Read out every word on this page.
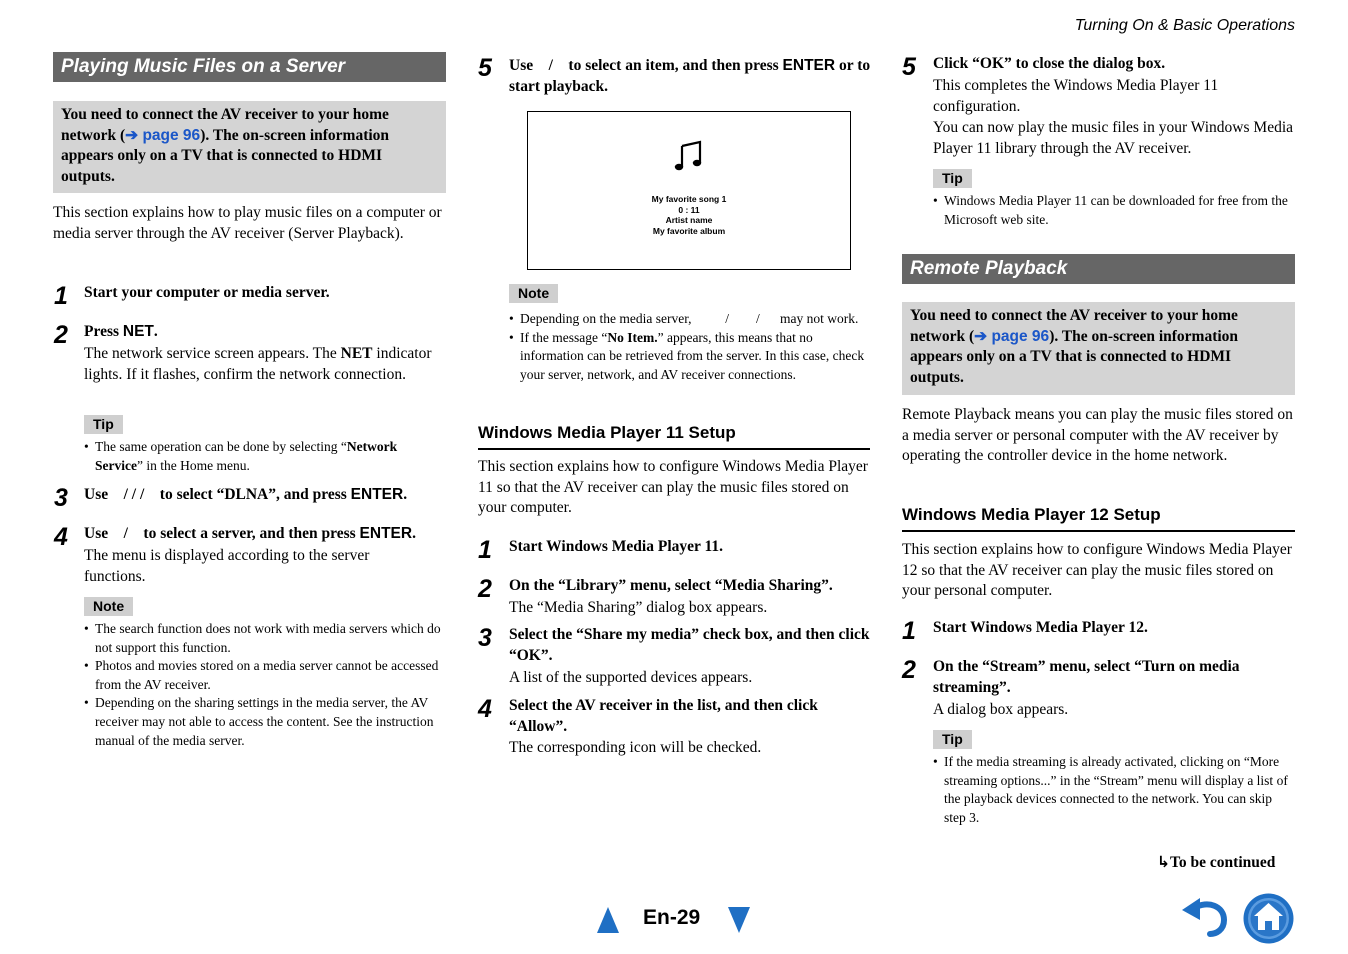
Turning On & Basic Operations
Playing Music Files on a Server
You need to connect the AV receiver to your home network (➔ page 96). The on-screen information appears only on a TV that is connected to HDMI outputs.
This section explains how to play music files on a computer or media server through the AV receiver (Server Playback).
1 Start your computer or media server.
2 Press NET.
The network service screen appears. The NET indicator lights. If it flashes, confirm the network connection.
Tip
• The same operation can be done by selecting “Network Service” in the Home menu.
3 Use / / / to select “DLNA”, and press ENTER.
4 Use / to select a server, and then press ENTER.
The menu is displayed according to the server functions.
Note
• The search function does not work with media servers which do not support this function.
• Photos and movies stored on a media server cannot be accessed from the AV receiver.
• Depending on the sharing settings in the media server, the AV receiver may not able to access the content. See the instruction manual of the media server.
5 Use / to select an item, and then press ENTER or to start playback.
My favorite song 1
0 : 11
Artist name
My favorite album
Note
• Depending on the media server,          /        /      may not work.
• If the message “No Item.” appears, this means that no information can be retrieved from the server. In this case, check your server, network, and AV receiver connections.
Windows Media Player 11 Setup
This section explains how to configure Windows Media Player 11 so that the AV receiver can play the music files stored on your computer.
1 Start Windows Media Player 11.
2 On the “Library” menu, select “Media Sharing”.
The “Media Sharing” dialog box appears.
3 Select the “Share my media” check box, and then click “OK”.
A list of the supported devices appears.
4 Select the AV receiver in the list, and then click “Allow”.
The corresponding icon will be checked.
5 Click “OK” to close the dialog box.
This completes the Windows Media Player 11 configuration.
You can now play the music files in your Windows Media Player 11 library through the AV receiver.
Tip
• Windows Media Player 11 can be downloaded for free from the Microsoft web site.
Remote Playback
You need to connect the AV receiver to your home network (➔ page 96). The on-screen information appears only on a TV that is connected to HDMI outputs.
Remote Playback means you can play the music files stored on a media server or personal computer with the AV receiver by operating the controller device in the home network.
Windows Media Player 12 Setup
This section explains how to configure Windows Media Player 12 so that the AV receiver can play the music files stored on your personal computer.
1 Start Windows Media Player 12.
2 On the “Stream” menu, select “Turn on media streaming”.
A dialog box appears.
Tip
• If the media streaming is already activated, clicking on “More streaming options...” in the “Stream” menu will display a list of the playback devices connected to the network. You can skip step 3.
↳To be continued
En-29
